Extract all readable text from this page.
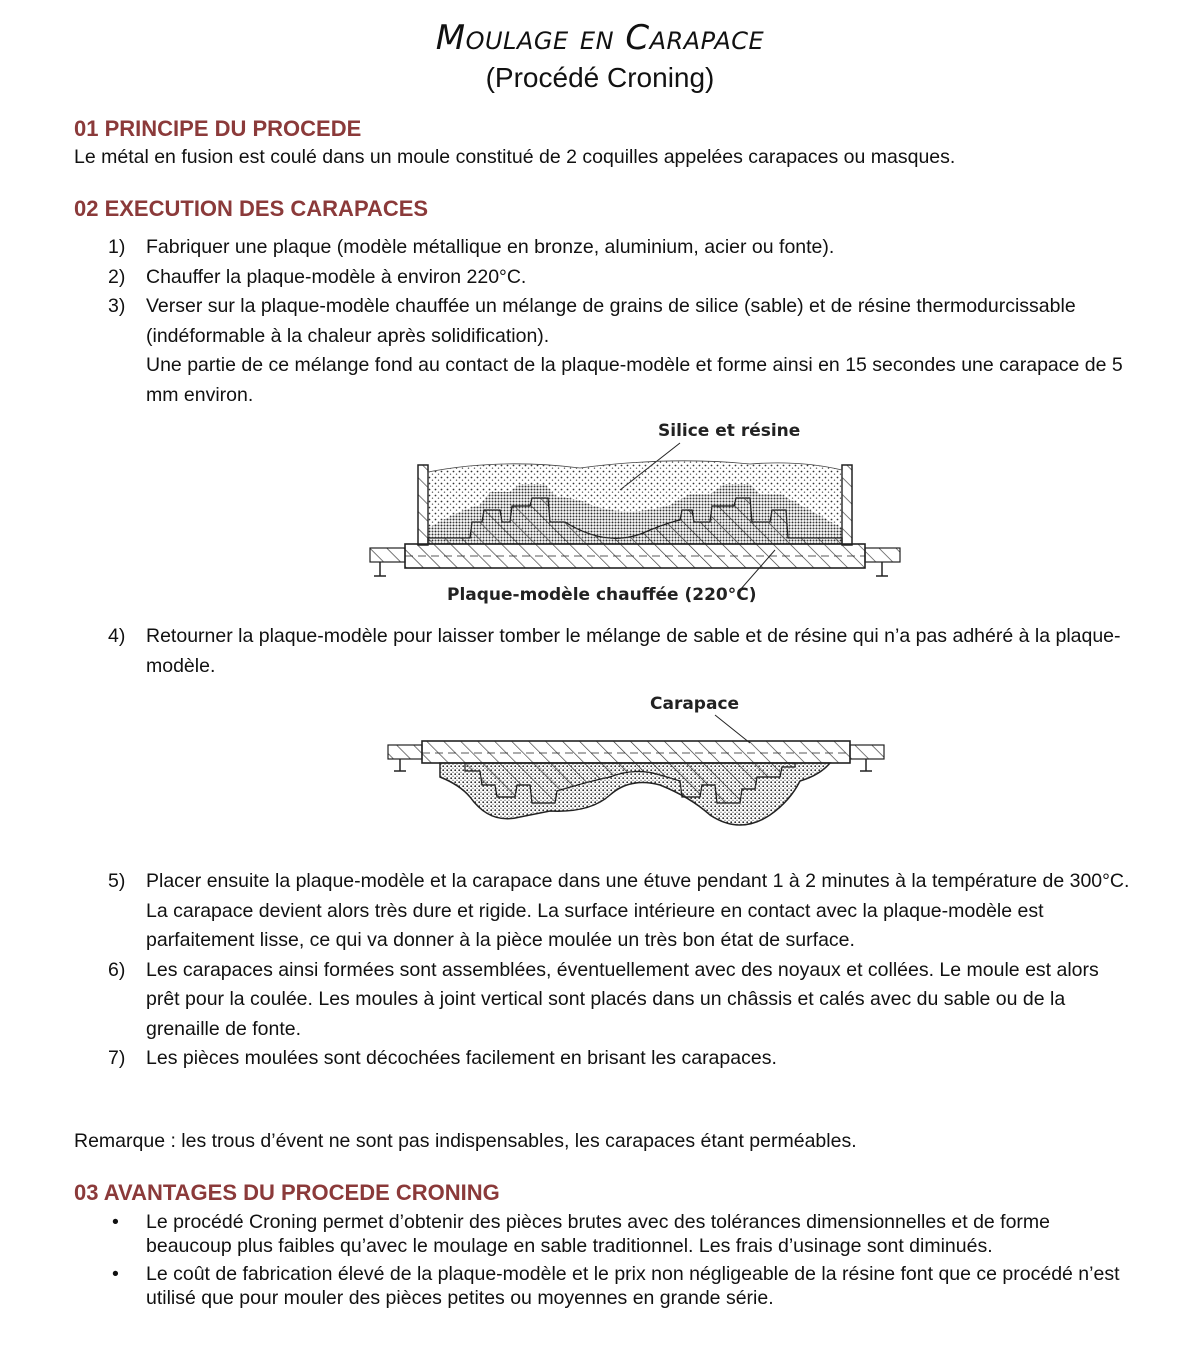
Moulage en Carapace
(Procédé Croning)
01 PRINCIPE DU PROCEDE
Le métal en fusion est coulé dans un moule constitué de 2 coquilles appelées carapaces ou masques.
02 EXECUTION DES CARAPACES
1) Fabriquer une plaque (modèle métallique en bronze, aluminium, acier ou fonte).
2) Chauffer la plaque-modèle à environ 220°C.
3) Verser sur la plaque-modèle chauffée un mélange de grains de silice (sable) et de résine thermodurcissable (indéformable à la chaleur après solidification).
Une partie de ce mélange fond au contact de la plaque-modèle et forme ainsi en 15 secondes une carapace de 5 mm environ.
Silice et résine
Plaque-modèle chauffée (220°C)
4) Retourner la plaque-modèle pour laisser tomber le mélange de sable et de résine qui n’a pas adhéré à la plaque-modèle.
Carapace
5) Placer ensuite la plaque-modèle et la carapace dans une étuve pendant 1 à 2 minutes à la température de 300°C. La carapace devient alors très dure et rigide. La surface intérieure en contact avec la plaque-modèle est parfaitement lisse, ce qui va donner à la pièce moulée un très bon état de surface.
6) Les carapaces ainsi formées sont assemblées, éventuellement avec des noyaux et collées. Le moule est alors prêt pour la coulée. Les moules à joint vertical sont placés dans un châssis et calés avec du sable ou de la grenaille de fonte.
7) Les pièces moulées sont décochées facilement en brisant les carapaces.
Remarque : les trous d’évent ne sont pas indispensables, les carapaces étant perméables.
03 AVANTAGES DU PROCEDE CRONING
• Le procédé Croning permet d’obtenir des pièces brutes avec des tolérances dimensionnelles et de forme beaucoup plus faibles qu’avec le moulage en sable traditionnel. Les frais d’usinage sont diminués.
• Le coût de fabrication élevé de la plaque-modèle et le prix non négligeable de la résine font que ce procédé n’est utilisé que pour mouler des pièces petites ou moyennes en grande série.
